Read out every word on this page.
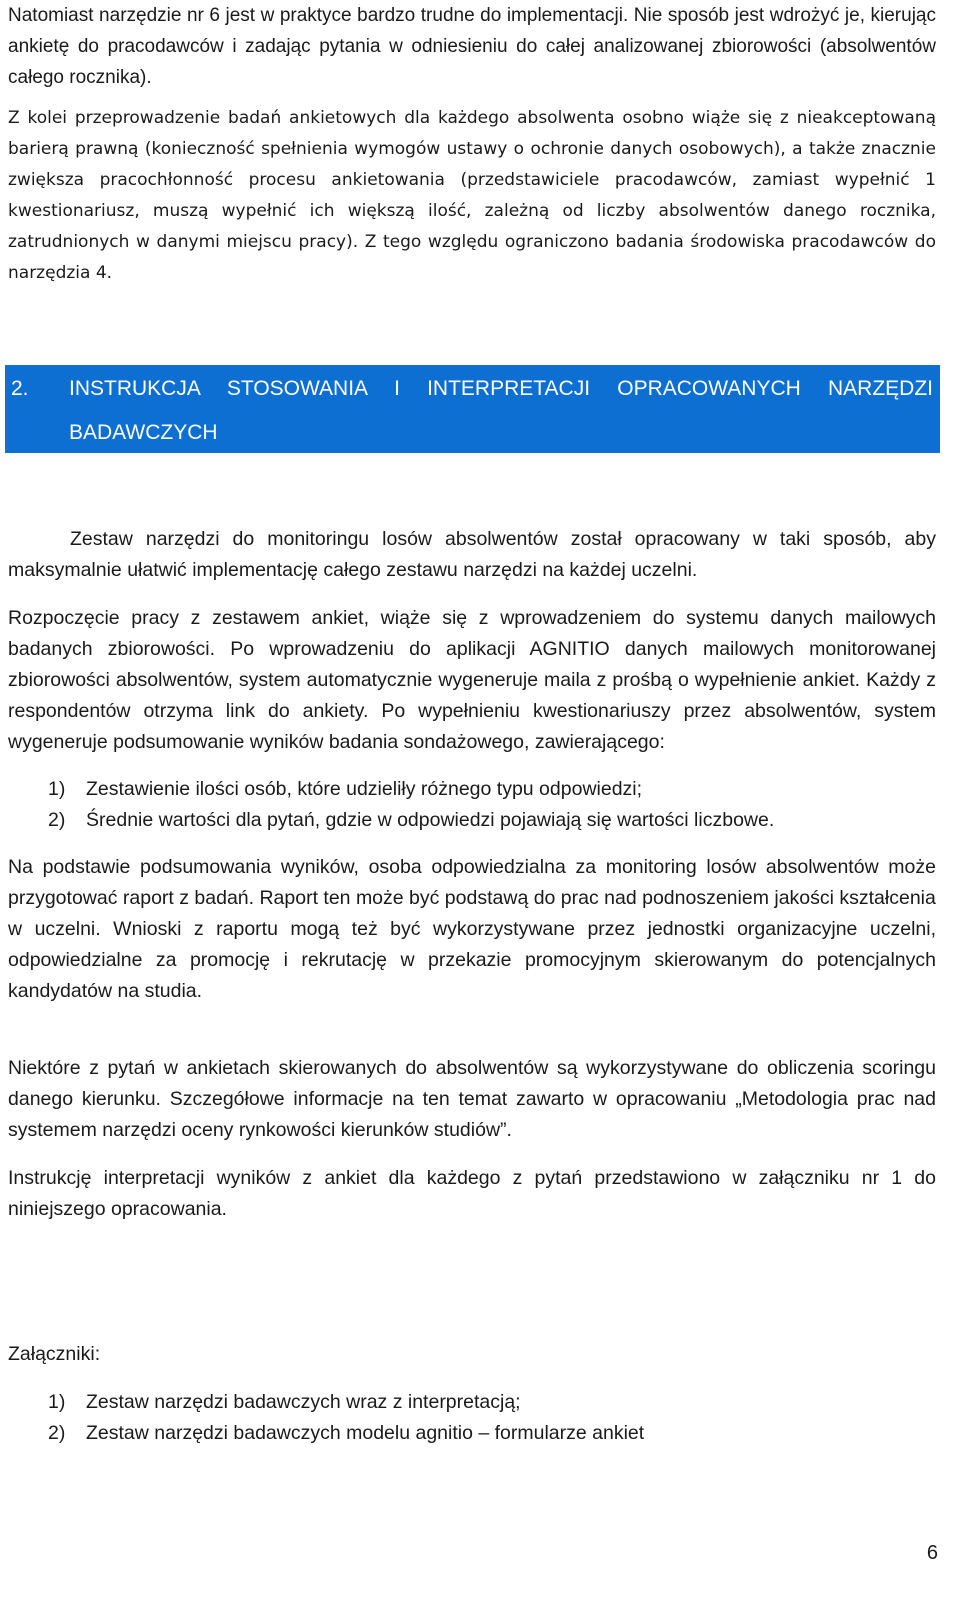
Natomiast narzędzie nr 6 jest w praktyce bardzo trudne do implementacji. Nie sposób jest wdrożyć je, kierując ankietę do pracodawców i zadając pytania w odniesieniu do całej analizowanej zbiorowości (absolwentów całego rocznika).

Z kolei przeprowadzenie badań ankietowych dla każdego absolwenta osobno wiąże się z nieakceptowaną barierą prawną (konieczność spełnienia wymogów ustawy o ochronie danych osobowych), a także znacznie zwiększa pracochłonność procesu ankietowania (przedstawiciele pracodawców, zamiast wypełnić 1 kwestionariusz, muszą wypełnić ich większą ilość, zależną od liczby absolwentów danego rocznika, zatrudnionych w danymi miejscu pracy). Z tego względu ograniczono badania środowiska pracodawców do narzędzia 4.

Zestaw narzędzi do monitoringu losów absolwentów został opracowany w taki sposób, aby maksymalnie ułatwić implementację całego zestawu narzędzi na każdej uczelni.

Rozpoczęcie pracy z zestawem ankiet, wiąże się z wprowadzeniem do systemu danych mailowych badanych zbiorowości. Po wprowadzeniu do aplikacji AGNITIO danych mailowych monitorowanej zbiorowości absolwentów, system automatycznie wygeneruje maila z prośbą o wypełnienie ankiet. Każdy z respondentów otrzyma link do ankiety. Po wypełnieniu kwestionariuszy przez absolwentów, system wygeneruje podsumowanie wyników badania sondażowego, zawierającego:

1) Zestawienie ilości osób, które udzieliły różnego typu odpowiedzi;
2) Średnie wartości dla pytań, gdzie w odpowiedzi pojawiają się wartości liczbowe.

Na podstawie podsumowania wyników, osoba odpowiedzialna za monitoring losów absolwentów może przygotować raport z badań. Raport ten może być podstawą do prac nad podnoszeniem jakości kształcenia

w uczelni. Wnioski z raportu mogą też być wykorzystywane przez jednostki organizacyjne uczelni, odpowiedzialne za promocję i rekrutację w przekazie promocyjnym skierowanym do potencjalnych kandydatów na studia.

Niektóre z pytań w ankietach skierowanych do absolwentów są wykorzystywane do obliczenia scoringu danego kierunku. Szczegółowe informacje na ten temat zawarto w opracowaniu „Metodologia prac nad systemem narzędzi oceny rynkowości kierunków studiów”.

Instrukcję interpretacji wyników z ankiet dla każdego z pytań przedstawiono w załączniku nr 1 do niniejszego opracowania.

Załączniki:

1) Zestaw narzędzi badawczych wraz z interpretacją;
2) Zestaw narzędzi badawczych modelu agnitio – formularze ankiet
2. INSTRUKCJA STOSOWANIA I INTERPRETACJI OPRACOWANYCH NARZĘDZI
BADAWCZYCH
6
